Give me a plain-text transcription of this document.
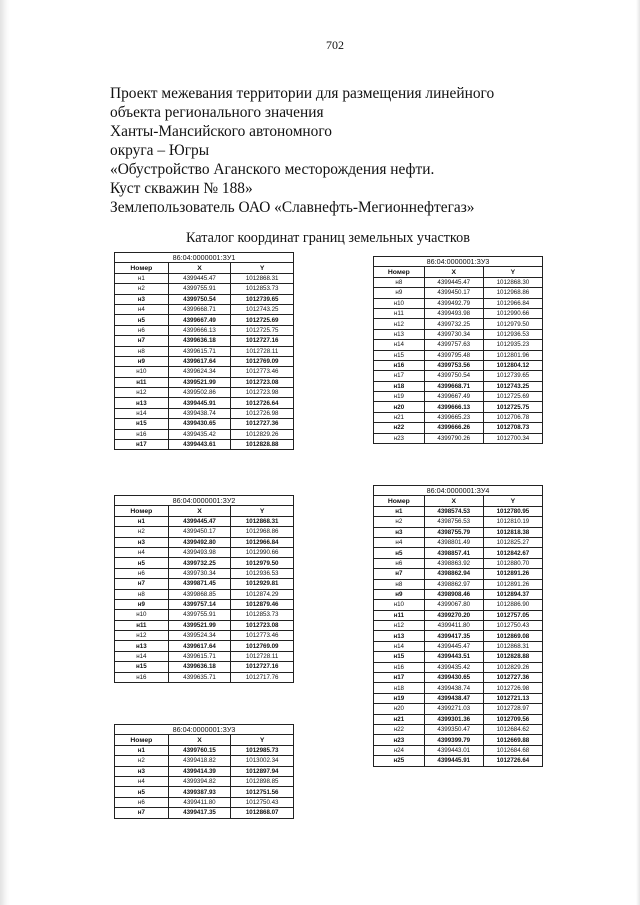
702
Проект межевания территории для размещения линейного
объекта регионального значения
Ханты-Мансийского автономного
округа – Югры
«Обустройство Аганского месторождения нефти.
Куст скважин № 188»
Землепользователь ОАО «Славнефть-Мегионнефтегаз»
Каталог координат границ земельных участков
86:04:0000001:ЗУ1		
Номер	X	Y
н1	4399445.47	1012868.31
н2	4399755.91	1012853.73
н3	4399750.54	1012739.65
н4	4399668.71	1012743.25
н5	4399667.49	1012725.69
н6	4399666.13	1012725.75
н7	4399636.18	1012727.16
н8	4399615.71	1012728.11
н9	4399617.64	1012769.09
н10	4399624.34	1012773.46
н11	4399521.99	1012723.08
н12	4399502.86	1012723.98
н13	4399445.91	1012726.64
н14	4399438.74	1012726.98
н15	4399430.65	1012727.36
н16	4399435.42	1012829.26
н17	4399443.61	1012828.88
86:04:0000001:ЗУ2		
Номер	X	Y
н1	4399445.47	1012868.31
н2	4399450.17	1012968.86
н3	4399492.80	1012966.84
н4	4399493.98	1012990.66
н5	4399732.25	1012979.50
н6	4399730.34	1012936.53
н7	4399871.45	1012929.81
н8	4399868.85	1012874.29
н9	4399757.14	1012879.46
н10	4399755.91	1012853.73
н11	4399521.99	1012723.08
н12	4399524.34	1012773.46
н13	4399617.64	1012769.09
н14	4399615.71	1012728.11
н15	4399636.18	1012727.16
н16	4399635.71	1012717.76
86:04:0000001:ЗУ3		
Номер	X	Y
н1	4399760.15	1012985.73
н2	4399418.82	1013002.34
н3	4399414.39	1012897.94
н4	4399394.82	1012898.85
н5	4399387.93	1012751.56
н6	4399411.80	1012750.43
н7	4399417.35	1012868.07
86:04:0000001:ЗУ3		
Номер	X	Y
н8	4399445.47	1012868.30
н9	4399450.17	1012968.86
н10	4399492.79	1012966.84
н11	4399493.98	1012990.66
н12	4399732.25	1012979.50
н13	4399730.34	1012936.53
н14	4399757.63	1012935.23
н15	4399795.48	1012801.96
н16	4399753.56	1012804.12
н17	4399750.54	1012739.65
н18	4399668.71	1012743.25
н19	4399667.49	1012725.69
н20	4399666.13	1012725.75
н21	4399665.23	1012706.78
н22	4399666.26	1012708.73
н23	4399790.26	1012700.34
86:04:0000001:ЗУ4		
Номер	X	Y
н1	4398574.53	1012780.95
н2	4398756.53	1012810.19
н3	4398755.79	1012818.38
н4	4398801.49	1012825.27
н5	4398857.41	1012842.67
н6	4398863.92	1012880.70
н7	4398862.94	1012891.26
н8	4398862.97	1012891.26
н9	4398908.46	1012894.37
н10	4399067.80	1012886.90
н11	4399270.20	1012757.05
н12	4399411.80	1012750.43
н13	4399417.35	1012869.08
н14	4399445.47	1012868.31
н15	4399443.51	1012828.88
н16	4399435.42	1012829.26
н17	4399430.65	1012727.36
н18	4399438.74	1012726.98
н19	4399438.47	1012721.13
н20	4399271.03	1012728.97
н21	4399301.36	1012709.56
н22	4399350.47	1012684.62
н23	4399399.79	1012669.88
н24	4399443.01	1012684.68
н25	4399445.91	1012726.64
